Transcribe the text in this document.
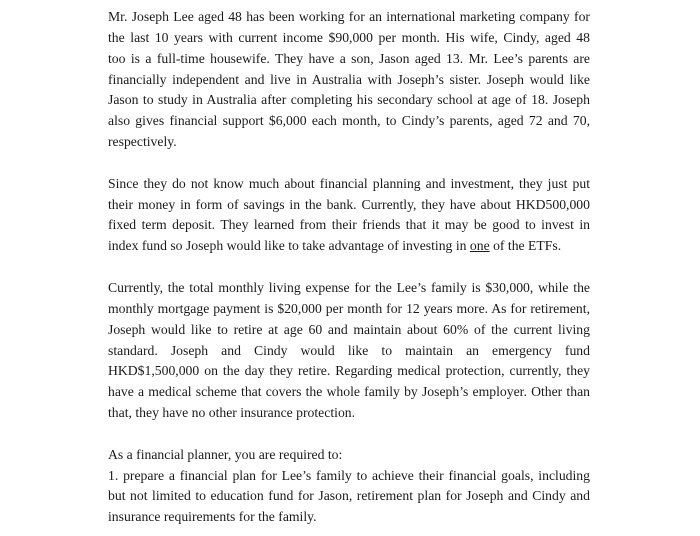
Mr. Joseph Lee aged 48 has been working for an international marketing company for
the last 10 years with current income $90,000 per month. His wife, Cindy, aged 48
too is a full-time housewife. They have a son, Jason aged 13. Mr. Lee’s parents are
financially independent and live in Australia with Joseph’s sister. Joseph would like
Jason to study in Australia after completing his secondary school at age of 18. Joseph
also gives financial support $6,000 each month, to Cindy’s parents, aged 72 and 70,
respectively.
Since they do not know much about financial planning and investment, they just put
their money in form of savings in the bank. Currently, they have about HKD500,000
fixed term deposit. They learned from their friends that it may be good to invest in
index fund so Joseph would like to take advantage of investing in one of the ETFs.
Currently, the total monthly living expense for the Lee’s family is $30,000, while the
monthly mortgage payment is $20,000 per month for 12 years more. As for retirement,
Joseph would like to retire at age 60 and maintain about 60% of the current living
standard. Joseph and Cindy would like to maintain an emergency fund
HKD$1,500,000 on the day they retire. Regarding medical protection, currently, they
have a medical scheme that covers the whole family by Joseph’s employer. Other than
that, they have no other insurance protection.
As a financial planner, you are required to:
1. prepare a financial plan for Lee’s family to achieve their financial goals, including
but not limited to education fund for Jason, retirement plan for Joseph and Cindy and
insurance requirements for the family.
